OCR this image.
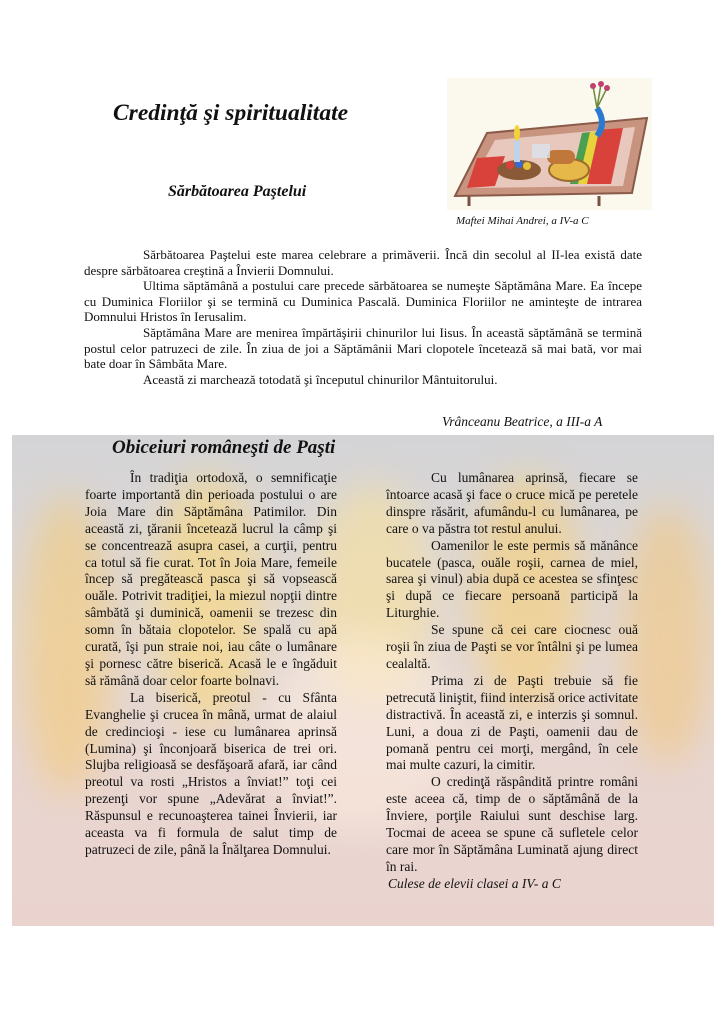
Credinţă şi spiritualitate
Sărbătoarea Paştelui
Maftei Mihai Andrei, a IV-a C

Sărbătoarea Paştelui este marea celebrare a primăverii. Încă din secolul al II-lea există date despre sărbătoarea creştină a Învierii Domnului.

Ultima săptămână a postului care precede sărbătoarea se numeşte Săptămâna Mare. Ea începe cu Duminica Floriilor şi se termină cu Duminica Pascală. Duminica Floriilor ne aminteşte de intrarea Domnului Hristos în Ierusalim.

Săptămâna Mare are menirea împărtăşirii chinurilor lui Iisus. În această săptămână se termină postul celor patruzeci de zile. În ziua de joi a Săptămânii Mari clopotele încetează să mai bată, vor mai bate doar în Sâmbăta Mare.

Această zi marchează totodată şi începutul chinurilor Mântuitorului.

Vrânceanu Beatrice, a III-a A
Obiceiuri româneşti de Paşti

În tradiţia ortodoxă, o semnificaţie foarte importantă din perioada postului o are Joia Mare din Săptămâna Patimilor. Din această zi, ţăranii încetează lucrul la câmp şi se concentrează asupra casei, a curţii, pentru ca totul să fie curat. Tot în Joia Mare, femeile încep să pregătească pasca şi să vopsească ouăle. Potrivit tradiţiei, la miezul nopţii dintre sâmbătă şi duminică, oamenii se trezesc din somn în bătaia clopotelor. Se spală cu apă curată, îşi pun straie noi, iau câte o lumânare şi pornesc către biserică. Acasă le e îngăduit să rămână doar celor foarte bolnavi.

La biserică, preotul - cu Sfânta Evanghelie şi crucea în mână, urmat de alaiul de credincioşi - iese cu lumânarea aprinsă (Lumina) şi înconjoară biserica de trei ori. Slujba religioasă se desfăşoară afară, iar când preotul va rosti „Hristos a înviat!” toţi cei prezenţi vor spune „Adevărat a înviat!”. Răspunsul e recunoaşterea tainei Învierii, iar aceasta va fi formula de salut timp de patruzeci de zile, până la Înălţarea Domnului.

Cu lumânarea aprinsă, fiecare se întoarce acasă şi face o cruce mică pe peretele dinspre răsărit, afumându-l cu lumânarea, pe care o va păstra tot restul anului.

Oamenilor le este permis să mănânce bucatele (pasca, ouăle roşii, carnea de miel, sarea şi vinul) abia după ce acestea se sfinţesc şi după ce fiecare persoană participă la Liturghie.

Se spune că cei care ciocnesc ouă roşii în ziua de Paşti se vor întâlni şi pe lumea cealaltă.

Prima zi de Paşti trebuie să fie petrecută liniştit, fiind interzisă orice activitate distractivă. În această zi, e interzis şi somnul. Luni, a doua zi de Paşti, oamenii dau de pomană pentru cei morţi, mergând, în cele mai multe cazuri, la cimitir.

O credinţă răspândită printre români este aceea că, timp de o săptămână de la Înviere, porţile Raiului sunt deschise larg. Tocmai de aceea se spune că sufletele celor care mor în Săptămâna Luminată ajung direct în rai.

Culese de elevii clasei a IV- a C
